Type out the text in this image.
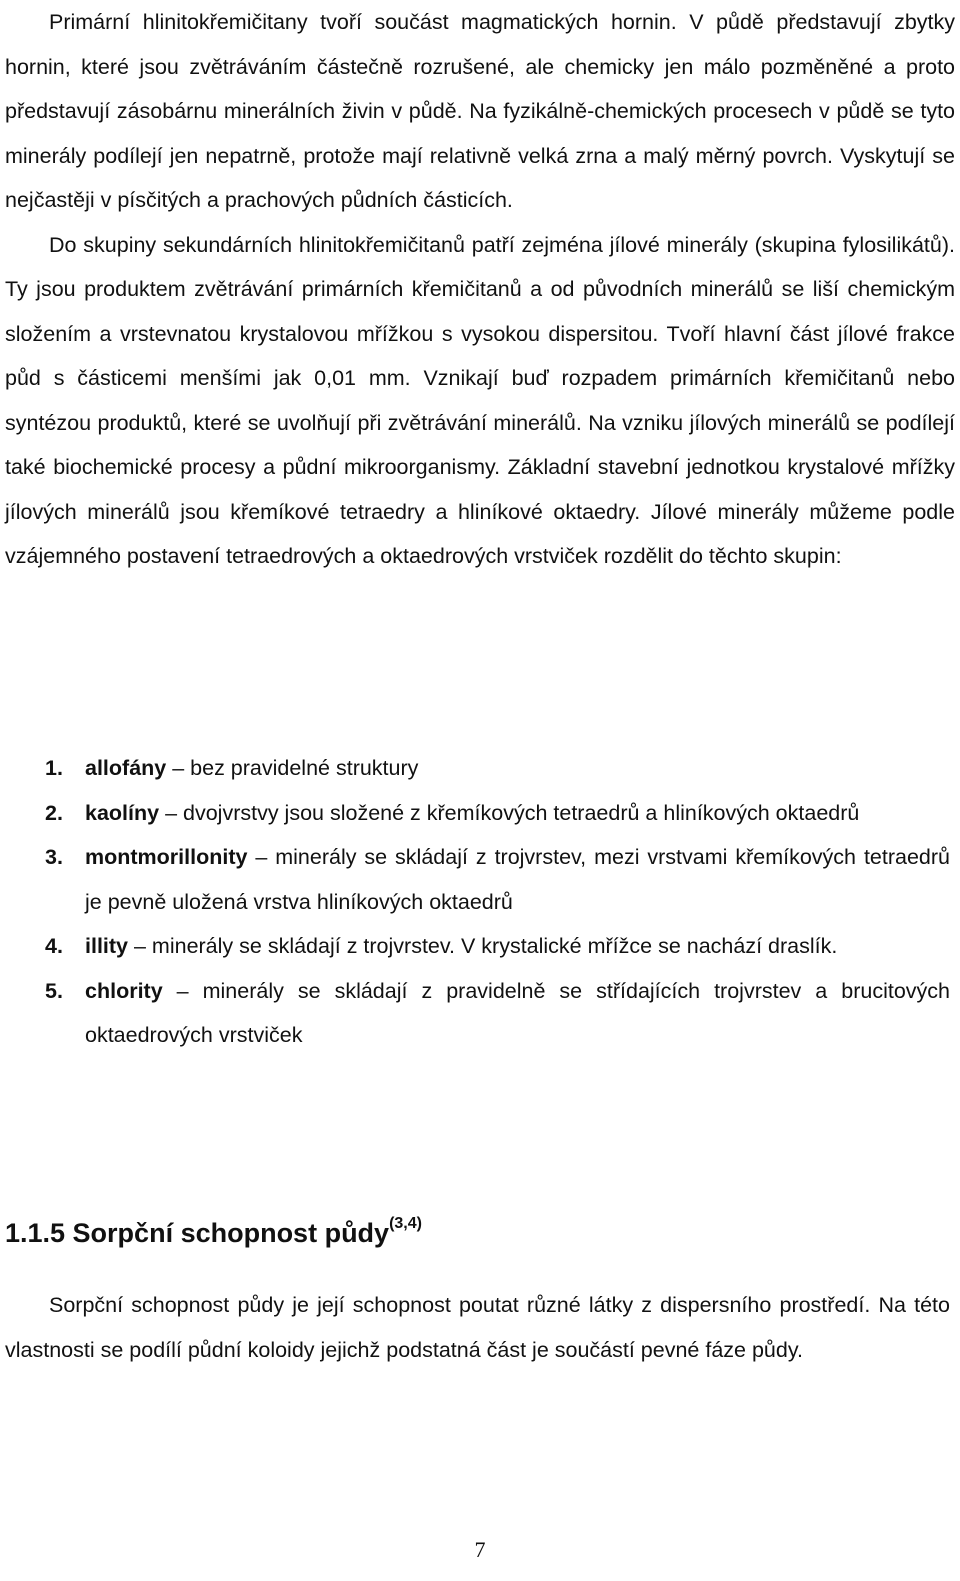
Primární hlinitokřemičitany tvoří součást magmatických hornin. V půdě představují zbytky hornin, které jsou zvětráváním částečně rozrušené, ale chemicky jen málo pozměněné a proto představují zásobárnu minerálních živin v půdě. Na fyzikálně-chemických procesech v půdě se tyto minerály podílejí jen nepatrně, protože mají relativně velká zrna a malý měrný povrch. Vyskytují se nejčastěji v písčitých a prachových půdních částicích.

Do skupiny sekundárních hlinitokřemičitanů patří zejména jílové minerály (skupina fylosilikátů). Ty jsou produktem zvětrávání primárních křemičitanů a od původních minerálů se liší chemickým složením a vrstevnatou krystalovou mřížkou s vysokou dispersitou. Tvoří hlavní část jílové frakce půd s částicemi menšími jak 0,01 mm. Vznikají buď rozpadem primárních křemičitanů nebo syntézou produktů, které se uvolňují při zvětrávání minerálů. Na vzniku jílových minerálů se podílejí také biochemické procesy a půdní mikroorganismy. Základní stavební jednotkou krystalové mřížky jílových minerálů jsou křemíkové tetraedry a hliníkové oktaedry. Jílové minerály můžeme podle vzájemného postavení tetraedrových a oktaedrových vrstviček rozdělit do těchto skupin:

1. allofány – bez pravidelné struktury
2. kaolíny – dvojvrstvy jsou složené z křemíkových tetraedrů a hliníkových oktaedrů
3. montmorillonity – minerály se skládají z trojvrstev, mezi vrstvami křemíkových tetraedrů je pevně uložená vrstva hliníkových oktaedrů
4. illity – minerály se skládají z trojvrstev. V krystalické mřížce se nachází draslík.
5. chlority – minerály se skládají z pravidelně se střídajících trojvrstev a brucitových oktaedrových vrstviček
1.1.5 Sorpční schopnost půdy$^{(3,4)}$

Sorpční schopnost půdy je její schopnost poutat různé látky z dispersního prostředí. Na této vlastnosti se podílí půdní koloidy jejichž podstatná část je součástí pevné fáze půdy.

7
